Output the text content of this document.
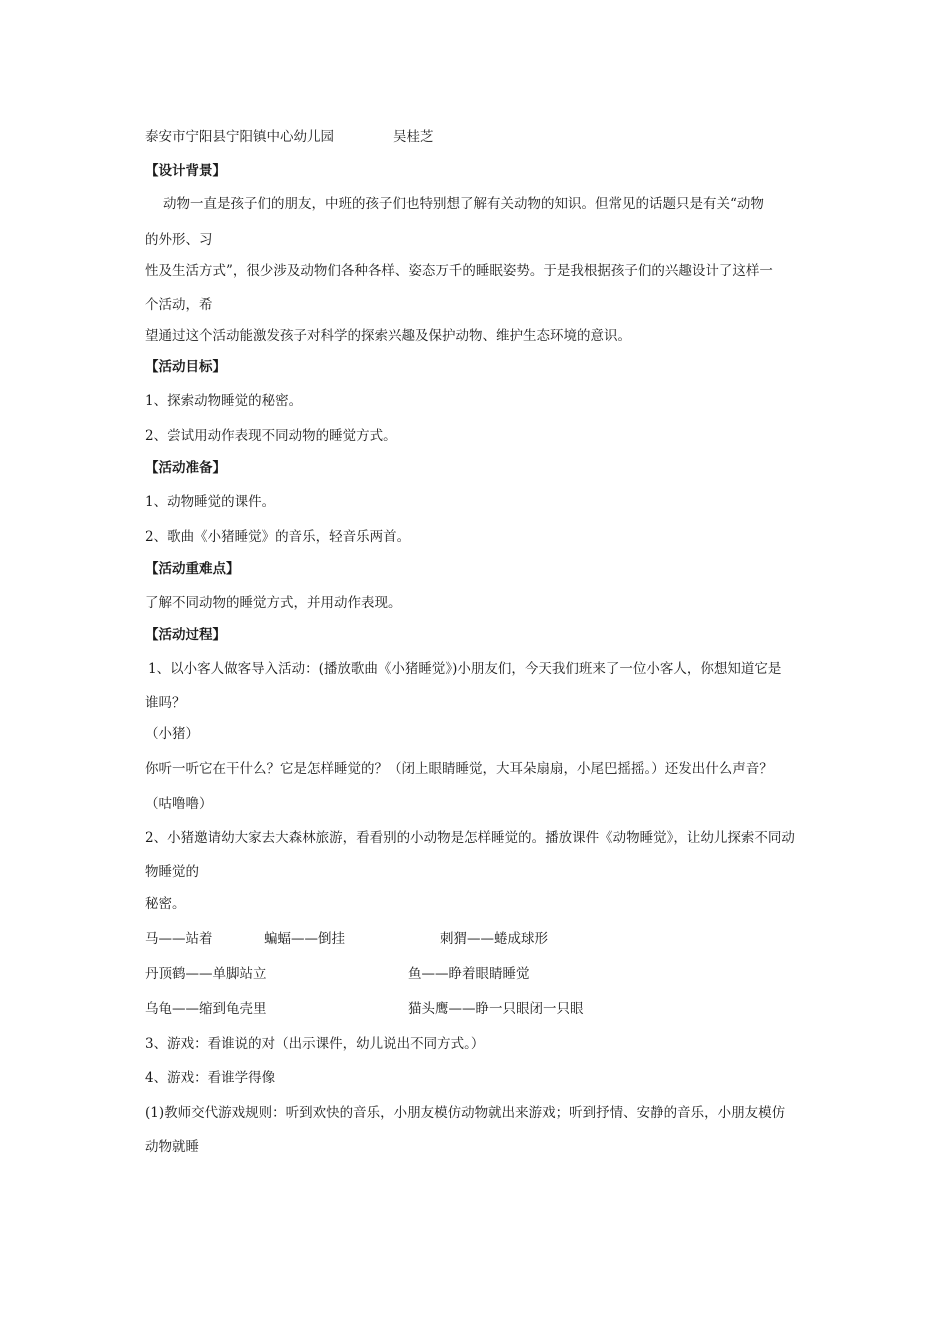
泰安市宁阳县宁阳镇中心幼儿园	吴桂芝
【设计背景】
动物一直是孩子们的朋友，中班的孩子们也特别想了解有关动物的知识。但常见的话题只是有关“动物
的外形、习
性及生活方式”，很少涉及动物们各种各样、姿态万千的睡眠姿势。于是我根据孩子们的兴趣设计了这样一
个活动，希
望通过这个活动能激发孩子对科学的探索兴趣及保护动物、维护生态环境的意识。
【活动目标】
1、探索动物睡觉的秘密。
2、尝试用动作表现不同动物的睡觉方式。
【活动准备】
1、动物睡觉的课件。
2、歌曲《小猪睡觉》的音乐，轻音乐两首。
【活动重难点】
了解不同动物的睡觉方式，并用动作表现。
【活动过程】
1、以小客人做客导入活动：(播放歌曲《小猪睡觉》)小朋友们，今天我们班来了一位小客人，你想知道它是
谁吗？
（小猪）
你听一听它在干什么？它是怎样睡觉的？（闭上眼睛睡觉，大耳朵扇扇，小尾巴摇摇。）还发出什么声音？
（咕噜噜）
2、小猪邀请幼大家去大森林旅游，看看别的小动物是怎样睡觉的。播放课件《动物睡觉》，让幼儿探索不同动
物睡觉的
秘密。
马——站着	蝙蝠——倒挂	刺猬——蜷成球形
丹顶鹤——单脚站立	鱼——睁着眼睛睡觉
乌龟——缩到龟壳里	猫头鹰——睁一只眼闭一只眼
3、游戏：看谁说的对（出示课件，幼儿说出不同方式。）
4、游戏：看谁学得像
(1)教师交代游戏规则：听到欢快的音乐，小朋友模仿动物就出来游戏；听到抒情、安静的音乐，小朋友模仿
动物就睡
